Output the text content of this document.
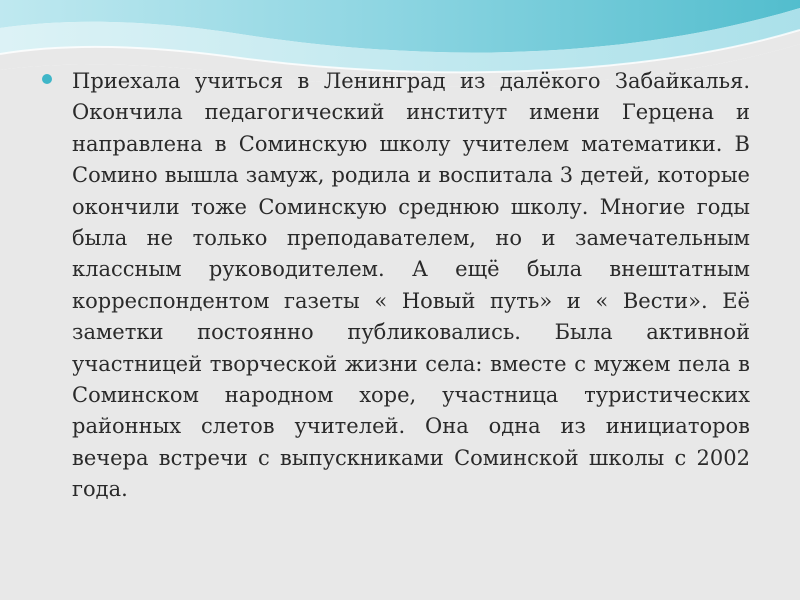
Приехала учиться в Ленинград из далёкого Забайкалья. Окончила педагогический институт имени Герцена и направлена в Соминскую школу учителем математики. В Сомино вышла замуж, родила и воспитала 3 детей, которые окончили тоже Соминскую среднюю школу. Многие годы была не только преподавателем, но и замечательным классным руководителем. А ещё была внештатным корреспондентом газеты « Новый путь» и « Вести». Её заметки постоянно публиковались. Была активной участницей творческой жизни села: вместе с мужем пела в Соминском народном хоре, участница туристических районных слетов учителей. Она одна из инициаторов вечера встречи с выпускниками Соминской школы с 2002 года.
